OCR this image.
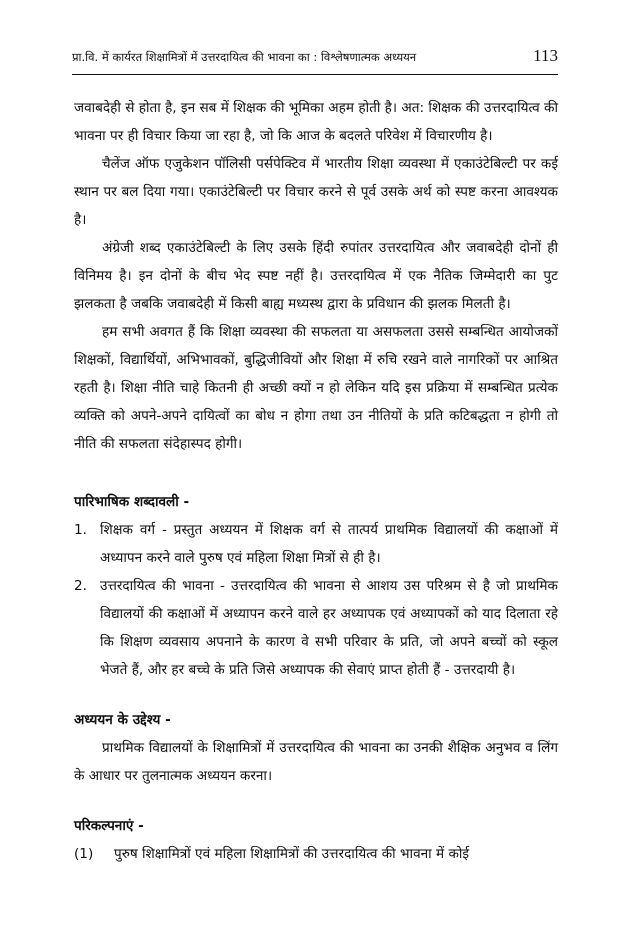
प्रा.वि. में कार्यरत शिक्षामित्रों में उत्तरदायित्व की भावना का : विश्लेषणात्मक अध्ययन	113

जवाबदेही से होता है, इन सब में शिक्षक की भूमिका अहम होती है। अत: शिक्षक की उत्तरदायित्व की भावना पर ही विचार किया जा रहा है, जो कि आज के बदलते परिवेश में विचारणीय है।

चैलेंज ऑफ एजुकेशन पॉलिसी पर्सपेक्टिव में भारतीय शिक्षा व्यवस्था में एकाउंटेबिल्टी पर कई स्थान पर बल दिया गया। एकाउंटेबिल्टी पर विचार करने से पूर्व उसके अर्थ को स्पष्ट करना आवश्यक है।

अंग्रेजी शब्द एकाउंटेबिल्टी के लिए उसके हिंदी रुपांतर उत्तरदायित्व और जवाबदेही दोनों ही विनिमय है। इन दोनों के बीच भेद स्पष्ट नहीं है। उत्तरदायित्व में एक नैतिक जिम्मेदारी का पुट झलकता है जबकि जवाबदेही में किसी बाह्य मध्यस्थ द्वारा के प्रविधान की झलक मिलती है।

हम सभी अवगत हैं कि शिक्षा व्यवस्था की सफलता या असफलता उससे सम्बन्धित आयोजकों शिक्षकों, विद्यार्थियों, अभिभावकों, बुद्धिजीवियों और शिक्षा में रुचि रखने वाले नागरिकों पर आश्रित रहती है। शिक्षा नीति चाहे कितनी ही अच्छी क्यों न हो लेकिन यदि इस प्रक्रिया में सम्बन्धित प्रत्येक व्यक्ति को अपने-अपने दायित्वों का बोध न होगा तथा उन नीतियों के प्रति कटिबद्धता न होगी तो नीति की सफलता संदेहास्पद होगी।

पारिभाषिक शब्दावली -
1. शिक्षक वर्ग - प्रस्तुत अध्ययन में शिक्षक वर्ग से तात्पर्य प्राथमिक विद्यालयों की कक्षाओं में अध्यापन करने वाले पुरुष एवं महिला शिक्षा मित्रों से ही है।
2. उत्तरदायित्व की भावना - उत्तरदायित्व की भावना से आशय उस परिश्रम से है जो प्राथमिक विद्यालयों की कक्षाओं में अध्यापन करने वाले हर अध्यापक एवं अध्यापकों को याद दिलाता रहे कि शिक्षण व्यवसाय अपनाने के कारण वे सभी परिवार के प्रति, जो अपने बच्चों को स्कूल भेजते हैं, और हर बच्चे के प्रति जिसे अध्यापक की सेवाएं प्राप्त होती हैं - उत्तरदायी है।
अध्ययन के उद्देश्य -

प्राथमिक विद्यालयों के शिक्षामित्रों में उत्तरदायित्व की भावना का उनकी शैक्षिक अनुभव व लिंग के आधार पर तुलनात्मक अध्ययन करना।

परिकल्पनाएं -
(1) पुरुष शिक्षामित्रों एवं महिला शिक्षामित्रों की उत्तरदायित्व की भावना में कोई
